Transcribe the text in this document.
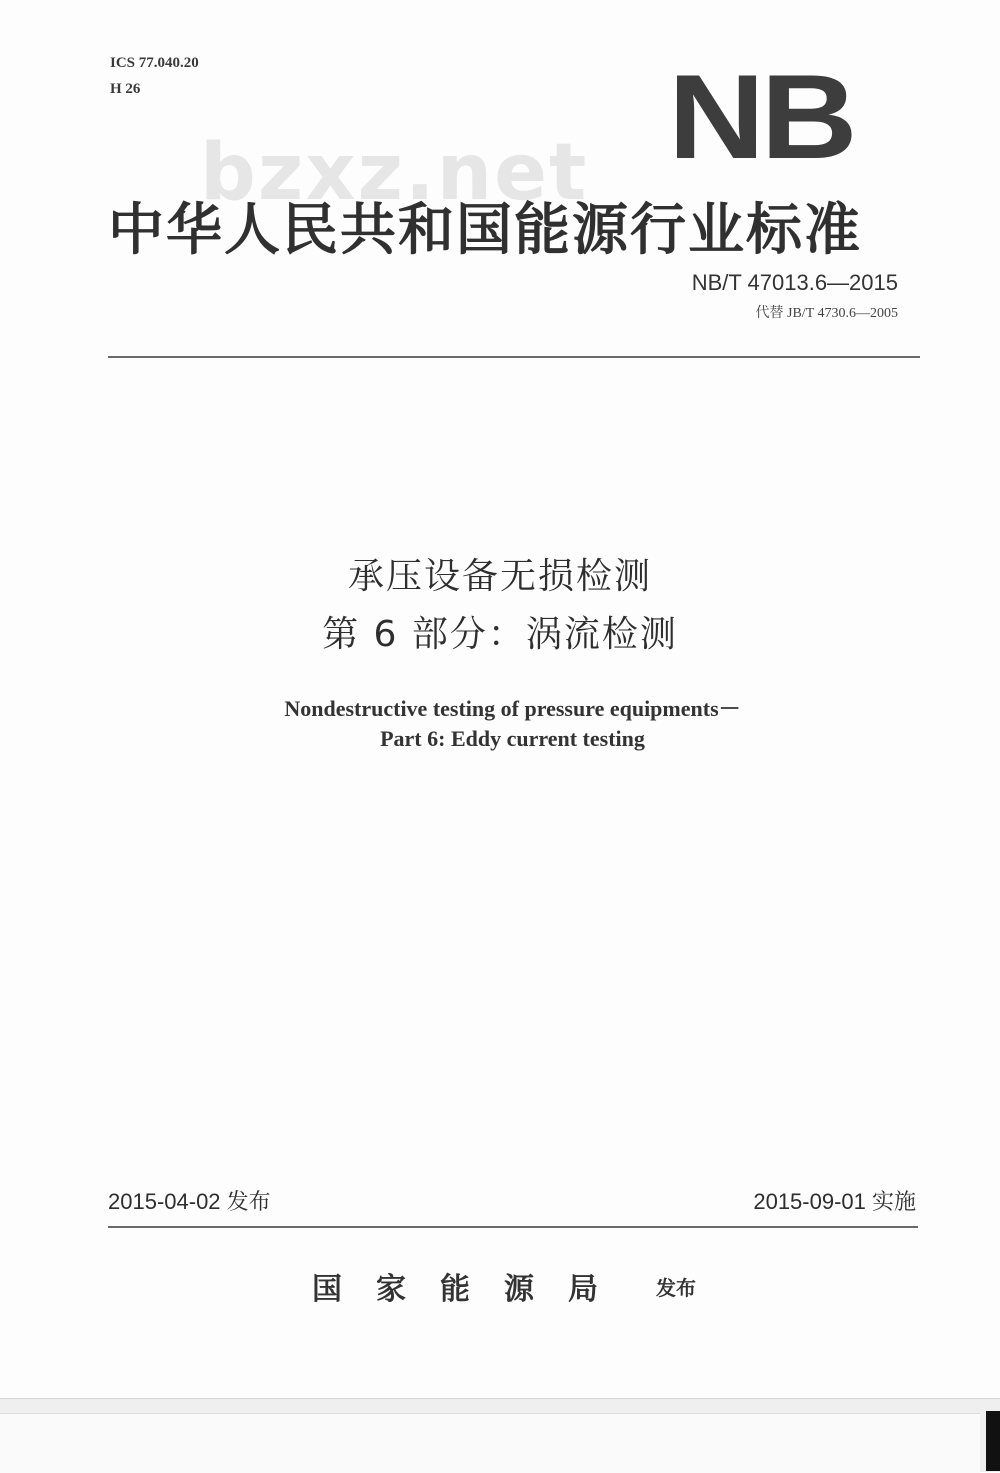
ICS 77.040.20
H 26	NB
bzxz.net
中华人民共和国能源行业标准
NB/T 47013.6—2015
代替 JB/T 4730.6—2005
承压设备无损检测
第 6 部分：涡流检测
Nondestructive testing of pressure equipments－
Part 6: Eddy current testing
2015-04-02 发布	2015-09-01 实施
国家能源局 发布
